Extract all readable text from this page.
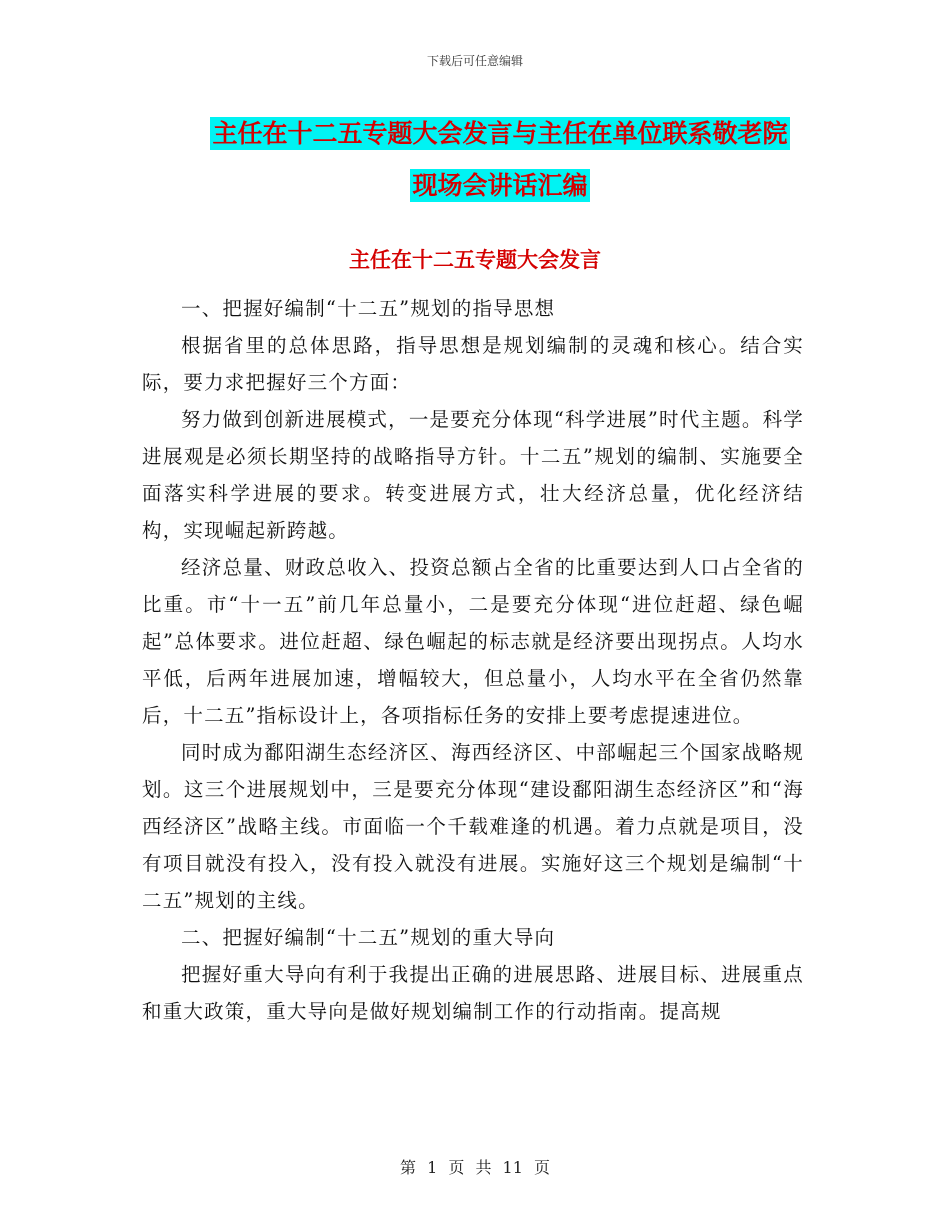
下载后可任意编辑
主任在十二五专题大会发言与主任在单位联系敬老院
现场会讲话汇编
主任在十二五专题大会发言

一、把握好编制“十二五”规划的指导思想

根据省里的总体思路，指导思想是规划编制的灵魂和核心。结合实际，要力求把握好三个方面：

努力做到创新进展模式，一是要充分体现“科学进展”时代主题。科学进展观是必须长期坚持的战略指导方针。十二五”规划的编制、实施要全面落实科学进展的要求。转变进展方式，壮大经济总量，优化经济结构，实现崛起新跨越。

经济总量、财政总收入、投资总额占全省的比重要达到人口占全省的比重。市“十一五”前几年总量小，二是要充分体现“进位赶超、绿色崛起”总体要求。进位赶超、绿色崛起的标志就是经济要出现拐点。人均水平低，后两年进展加速，增幅较大，但总量小，人均水平在全省仍然靠后，十二五”指标设计上，各项指标任务的安排上要考虑提速进位。

同时成为鄱阳湖生态经济区、海西经济区、中部崛起三个国家战略规划。这三个进展规划中，三是要充分体现“建设鄱阳湖生态经济区”和“海西经济区”战略主线。市面临一个千载难逢的机遇。着力点就是项目，没有项目就没有投入，没有投入就没有进展。实施好这三个规划是编制“十二五”规划的主线。

二、把握好编制“十二五”规划的重大导向

把握好重大导向有利于我提出正确的进展思路、进展目标、进展重点和重大政策，重大导向是做好规划编制工作的行动指南。提高规

第 1 页 共 11 页
